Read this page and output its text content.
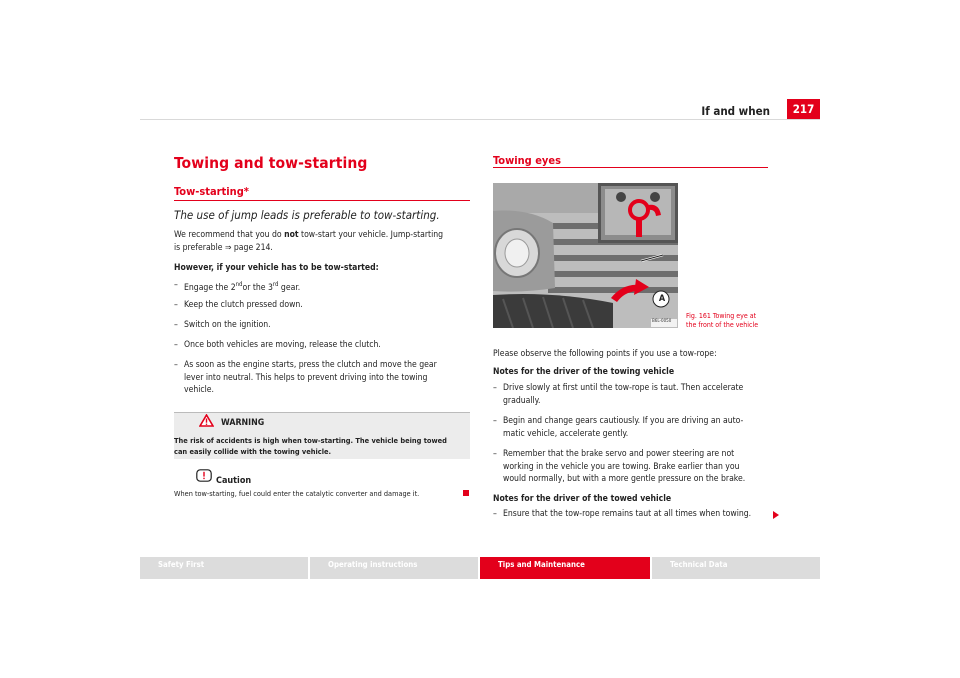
If and when	217
Towing and tow-starting
Tow-starting*
The use of jump leads is preferable to tow-starting.
We recommend that you do not tow-start your vehicle. Jump-starting
is preferable ⇒ page 214.
However, if your vehicle has to be tow-started:
– Engage the 2ndor the 3rd gear.
– Keep the clutch pressed down.
– Switch on the ignition.
– Once both vehicles are moving, release the clutch.
– As soon as the engine starts, press the clutch and move the gear
lever into neutral. This helps to prevent driving into the towing
vehicle.
WARNING
The risk of accidents is high when tow-starting. The vehicle being towed
can easily collide with the towing vehicle.
Caution
When tow-starting, fuel could enter the catalytic converter and damage it.
Towing eyes
A
B6L-0050
Fig. 161 Towing eye at
the front of the vehicle
Please observe the following points if you use a tow-rope:
Notes for the driver of the towing vehicle
– Drive slowly at first until the tow-rope is taut. Then accelerate
gradually.
– Begin and change gears cautiously. If you are driving an auto-
matic vehicle, accelerate gently.
– Remember that the brake servo and power steering are not
working in the vehicle you are towing. Brake earlier than you
would normally, but with a more gentle pressure on the brake.
Notes for the driver of the towed vehicle
– Ensure that the tow-rope remains taut at all times when towing.
Safety First	Operating instructions	Tips and Maintenance	Technical Data
